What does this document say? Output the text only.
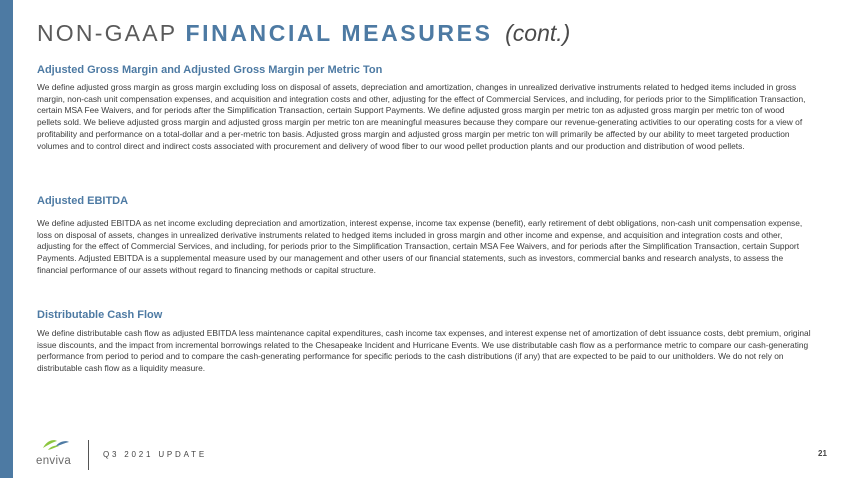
NON-GAAP FINANCIAL MEASURES (cont.)
Adjusted Gross Margin and Adjusted Gross Margin per Metric Ton

We define adjusted gross margin as gross margin excluding loss on disposal of assets, depreciation and amortization, changes in unrealized derivative instruments related to hedged items included in gross margin, non-cash unit compensation expenses, and acquisition and integration costs and other, adjusting for the effect of Commercial Services, and including, for periods prior to the Simplification Transaction, certain MSA Fee Waivers, and for periods after the Simplification Transaction, certain Support Payments. We define adjusted gross margin per metric ton as adjusted gross margin per metric ton of wood pellets sold. We believe adjusted gross margin and adjusted gross margin per metric ton are meaningful measures because they compare our revenue-generating activities to our operating costs for a view of profitability and performance on a total-dollar and a per-metric ton basis. Adjusted gross margin and adjusted gross margin per metric ton will primarily be affected by our ability to meet targeted production volumes and to control direct and indirect costs associated with procurement and delivery of wood fiber to our wood pellet production plants and our production and distribution of wood pellets.

Adjusted EBITDA

We define adjusted EBITDA as net income excluding depreciation and amortization, interest expense, income tax expense (benefit), early retirement of debt obligations, non-cash unit compensation expense, loss on disposal of assets, changes in unrealized derivative instruments related to hedged items included in gross margin and other income and expense, and acquisition and integration costs and other, adjusting for the effect of Commercial Services, and including, for periods prior to the Simplification Transaction, certain MSA Fee Waivers, and for periods after the Simplification Transaction, certain Support Payments. Adjusted EBITDA is a supplemental measure used by our management and other users of our financial statements, such as investors, commercial banks and research analysts, to assess the financial performance of our assets without regard to financing methods or capital structure.

Distributable Cash Flow

We define distributable cash flow as adjusted EBITDA less maintenance capital expenditures, cash income tax expenses, and interest expense net of amortization of debt issuance costs, debt premium, original issue discounts, and the impact from incremental borrowings related to the Chesapeake Incident and Hurricane Events. We use distributable cash flow as a performance metric to compare our cash-generating performance from period to period and to compare the cash-generating performance for specific periods to the cash distributions (if any) that are expected to be paid to our unitholders. We do not rely on distributable cash flow as a liquidity measure.

enviva
Q3 2021 UPDATE	21
